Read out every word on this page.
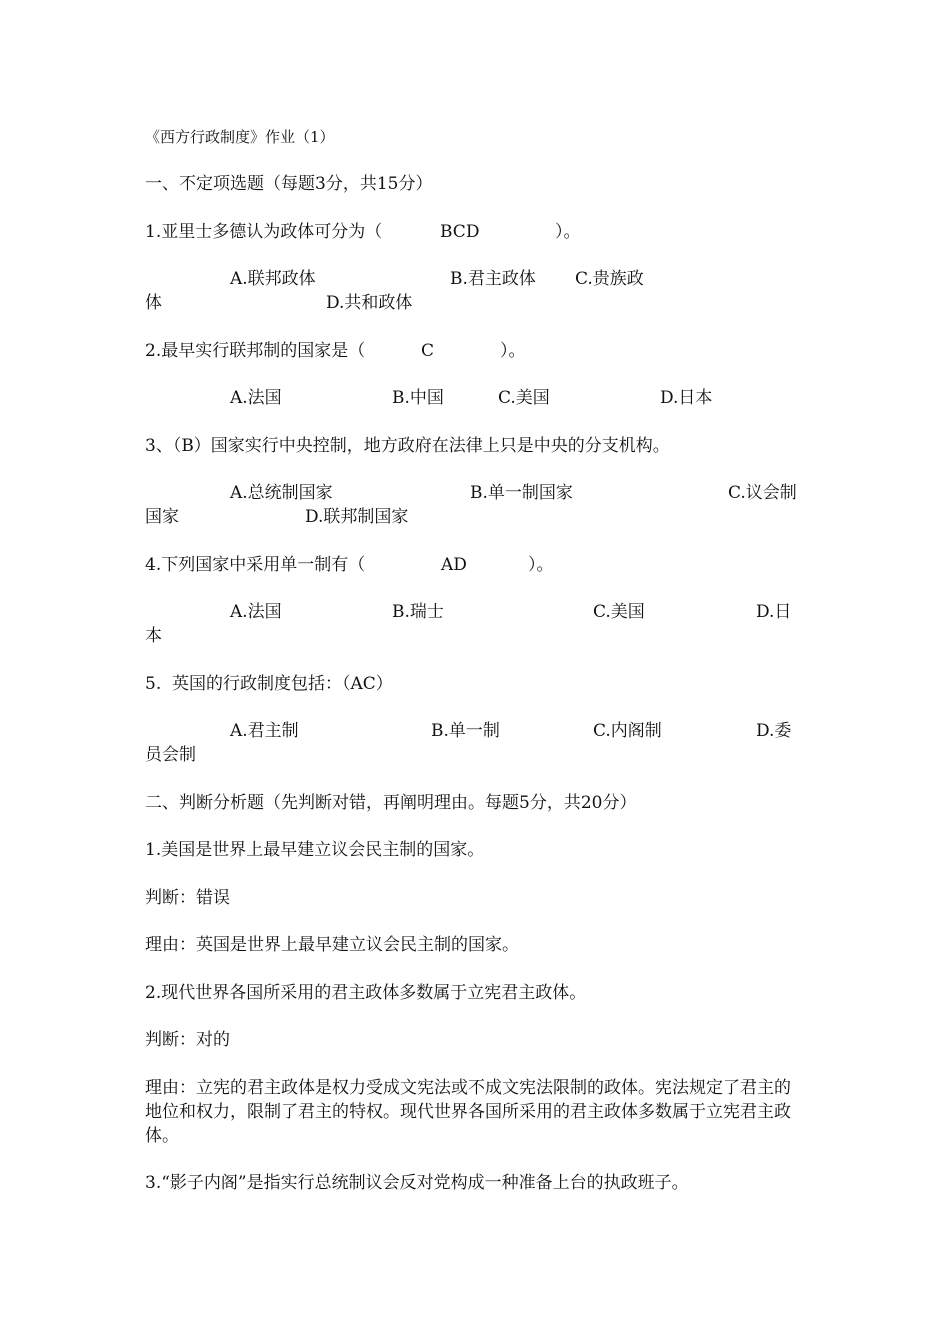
《西方行政制度》作业（1）
一、不定项选题（每题3分，共15分）
1.亚里士多德认为政体可分为（	BCD	）。
A.联邦政体	B.君主政体 C.贵族政
体	D.共和政体
2.最早实行联邦制的国家是（	C	）。
A.法国	B.中国	C.美国	D.日本
3、（B）国家实行中央控制，地方政府在法律上只是中央的分支机构。
A.总统制国家	B.单一制国家	C.议会制
国家	D.联邦制国家
4.下列国家中采用单一制有（	AD	）。
A.法国	B.瑞士	C.美国	D.日
本
5.  英国的行政制度包括：（AC）
A.君主制	B.单一制	C.内阁制	D.委
员会制
二、判断分析题（先判断对错，再阐明理由。每题5分，共20分）
1.美国是世界上最早建立议会民主制的国家。
判断：错误
理由：英国是世界上最早建立议会民主制的国家。
2.现代世界各国所采用的君主政体多数属于立宪君主政体。
判断：对的
理由：立宪的君主政体是权力受成文宪法或不成文宪法限制的政体。宪法规定了君主的地位和权力，限制了君主的特权。现代世界各国所采用的君主政体多数属于立宪君主政体。
3.“影子内阁”是指实行总统制议会反对党构成一种准备上台的执政班子。
